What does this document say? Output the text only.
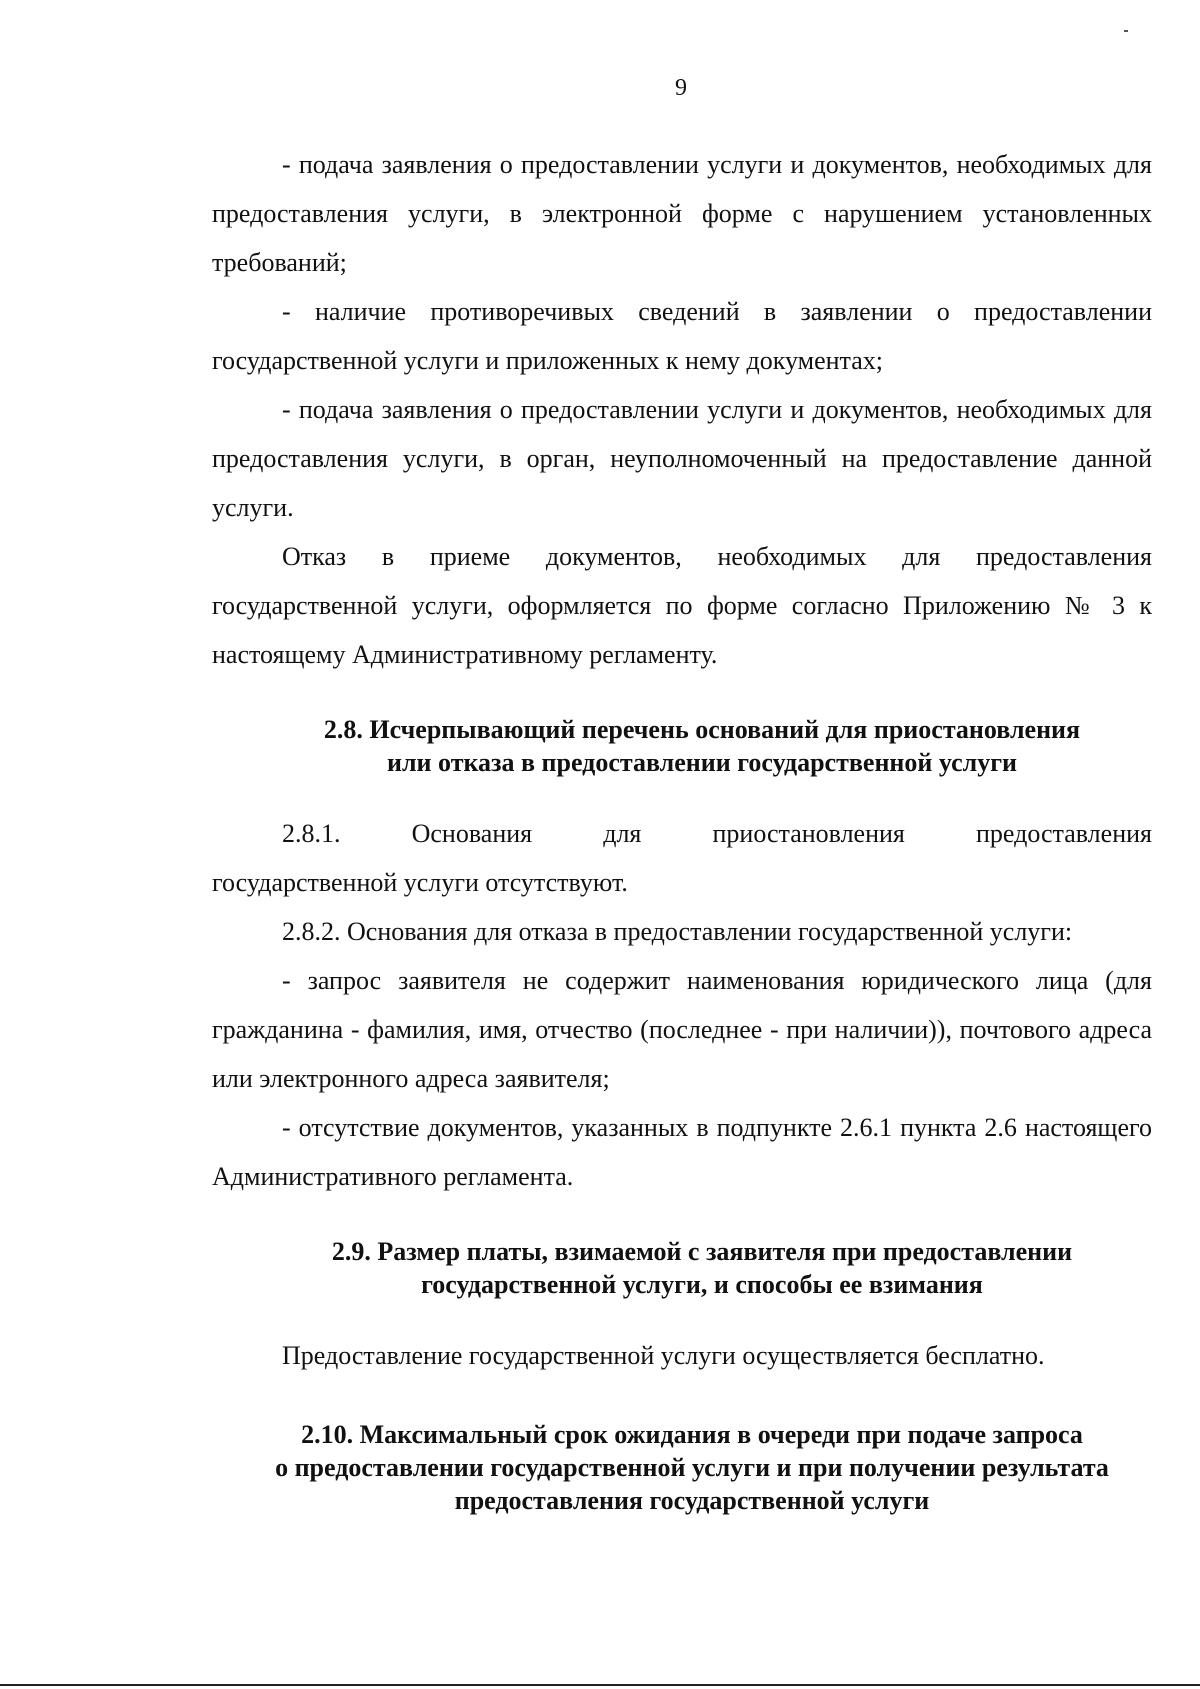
9

- подача заявления о предоставлении услуги и документов, необходимых для предоставления услуги, в электронной форме с нарушением установленных требований;

- наличие противоречивых сведений в заявлении о предоставлении государственной услуги и приложенных к нему документах;

- подача заявления о предоставлении услуги и документов, необходимых для предоставления услуги, в орган, неуполномоченный на предоставление данной услуги.

Отказ в приеме документов, необходимых для предоставления государственной услуги, оформляется по форме согласно Приложению № 3 к настоящему Административному регламенту.

2.8. Исчерпывающий перечень оснований для приостановления
или отказа в предоставлении государственной услуги
2.8.1.	Основания	для	приостановления	предоставления

государственной услуги отсутствуют.

2.8.2. Основания для отказа в предоставлении государственной услуги:

- запрос заявителя не содержит наименования юридического лица (для гражданина - фамилия, имя, отчество (последнее - при наличии)), почтового адреса или электронного адреса заявителя;

- отсутствие документов, указанных в подпункте 2.6.1 пункта 2.6 настоящего Административного регламента.

2.9. Размер платы, взимаемой с заявителя при предоставлении
государственной услуги, и способы ее взимания

Предоставление государственной услуги осуществляется бесплатно.

2.10. Максимальный срок ожидания в очереди при подаче запроса
о предоставлении государственной услуги и при получении результата
предоставления государственной услуги
